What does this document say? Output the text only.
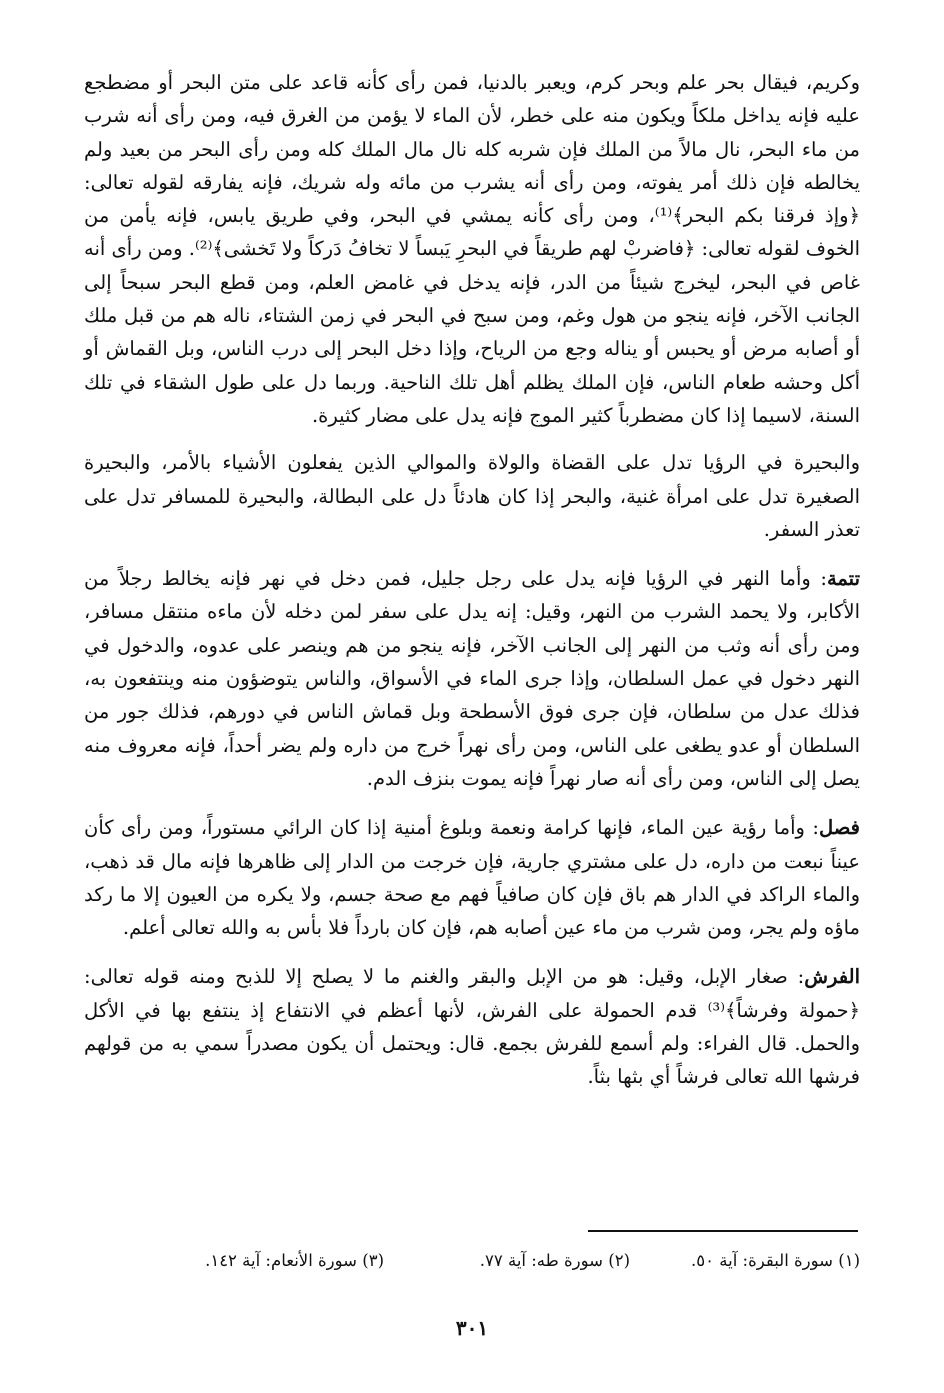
وكريم، فيقال بحر علم وبحر كرم، ويعبر بالدنيا، فمن رأى كأنه قاعد على متن البحر أو مضطجع عليه فإنه يداخل ملكاً ويكون منه على خطر، لأن الماء لا يؤمن من الغرق فيه، ومن رأى أنه شرب من ماء البحر، نال مالاً من الملك فإن شربه كله نال مال الملك كله ومن رأى البحر من بعيد ولم يخالطه فإن ذلك أمر يفوته، ومن رأى أنه يشرب من مائه وله شريك، فإنه يفارقه لقوله تعالى: ﴿وإذ فرقنا بكم البحر﴾⁽¹⁾، ومن رأى كأنه يمشي في البحر، وفي طريق يابس، فإنه يأمن من الخوف لقوله تعالى: ﴿فاضربْ لهم طريقاً في البحرِ يَبساً لا تخافُ دَركاً ولا تَخشى﴾⁽²⁾. ومن رأى أنه غاص في البحر، ليخرج شيئاً من الدر، فإنه يدخل في غامض العلم، ومن قطع البحر سبحاً إلى الجانب الآخر، فإنه ينجو من هول وغم، ومن سبح في البحر في زمن الشتاء، ناله هم من قبل ملك أو أصابه مرض أو يحبس أو يناله وجع من الرياح، وإذا دخل البحر إلى درب الناس، وبل القماش أو أكل وحشه طعام الناس، فإن الملك يظلم أهل تلك الناحية. وربما دل على طول الشقاء في تلك السنة، لاسيما إذا كان مضطرباً كثير الموج فإنه يدل على مضار كثيرة.

والبحيرة في الرؤيا تدل على القضاة والولاة والموالي الذين يفعلون الأشياء بالأمر، والبحيرة الصغيرة تدل على امرأة غنية، والبحر إذا كان هادئاً دل على البطالة، والبحيرة للمسافر تدل على تعذر السفر.

تتمة: وأما النهر في الرؤيا فإنه يدل على رجل جليل، فمن دخل في نهر فإنه يخالط رجلاً من الأكابر، ولا يحمد الشرب من النهر، وقيل: إنه يدل على سفر لمن دخله لأن ماءه منتقل مسافر، ومن رأى أنه وثب من النهر إلى الجانب الآخر، فإنه ينجو من هم وينصر على عدوه، والدخول في النهر دخول في عمل السلطان، وإذا جرى الماء في الأسواق، والناس يتوضؤون منه وينتفعون به، فذلك عدل من سلطان، فإن جرى فوق الأسطحة وبل قماش الناس في دورهم، فذلك جور من السلطان أو عدو يطغى على الناس، ومن رأى نهراً خرج من داره ولم يضر أحداً، فإنه معروف منه يصل إلى الناس، ومن رأى أنه صار نهراً فإنه يموت بنزف الدم.

فصل: وأما رؤية عين الماء، فإنها كرامة ونعمة وبلوغ أمنية إذا كان الرائي مستوراً، ومن رأى كأن عيناً نبعت من داره، دل على مشتري جارية، فإن خرجت من الدار إلى ظاهرها فإنه مال قد ذهب، والماء الراكد في الدار هم باق فإن كان صافياً فهم مع صحة جسم، ولا يكره من العيون إلا ما ركد ماؤه ولم يجر، ومن شرب من ماء عين أصابه هم، فإن كان بارداً فلا بأس به والله تعالى أعلم.

الفرش: صغار الإبل، وقيل: هو من الإبل والبقر والغنم ما لا يصلح إلا للذبح ومنه قوله تعالى: ﴿حمولة وفرشاً﴾⁽³⁾ قدم الحمولة على الفرش، لأنها أعظم في الانتفاع إذ ينتفع بها في الأكل والحمل. قال الفراء: ولم أسمع للفرش بجمع. قال: ويحتمل أن يكون مصدراً سمي به من قولهم فرشها الله تعالى فرشاً أي بثها بثاً.

(١) سورة البقرة: آية ٥٠.
(٢) سورة طه: آية ٧٧.
(٣) سورة الأنعام: آية ١٤٢.
٣٠١
